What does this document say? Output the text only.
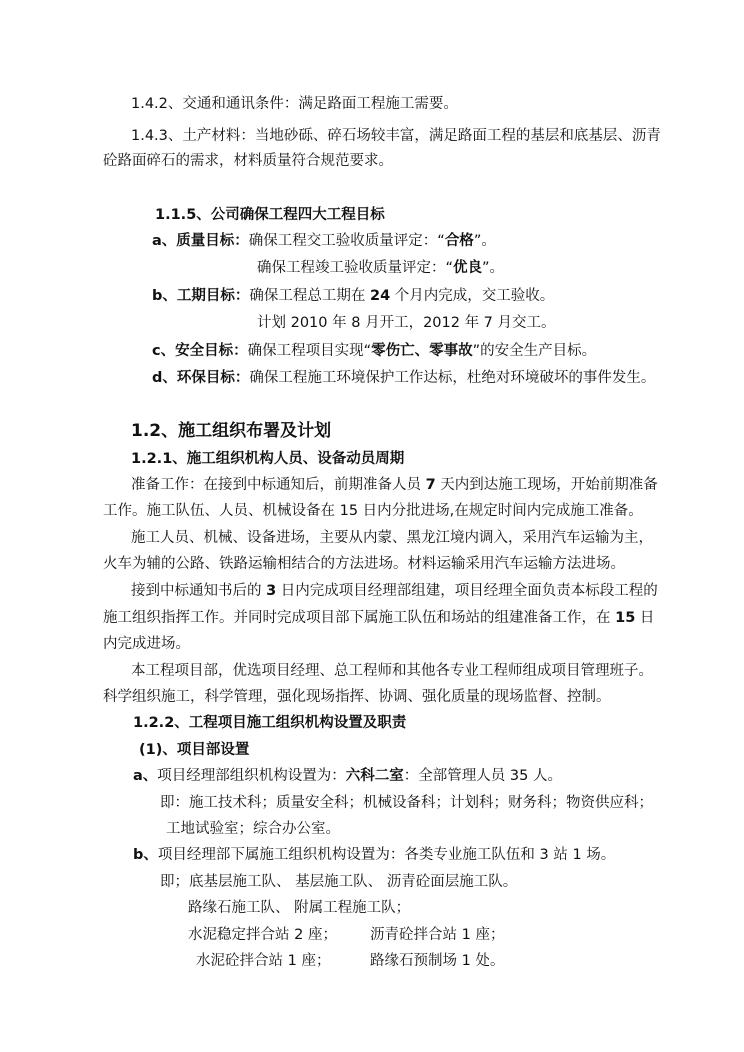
1.4.2、交通和通讯条件：满足路面工程施工需要。
1.4.3、土产材料：当地砂砾、碎石场较丰富，满足路面工程的基层和底基层、沥青
砼路面碎石的需求，材料质量符合规范要求。
1.1.5、公司确保工程四大工程目标
a、质量目标：确保工程交工验收质量评定：“合格”。
确保工程竣工验收质量评定：“优良”。
b、工期目标：确保工程总工期在 24 个月内完成，交工验收。
计划 2010 年 8 月开工，2012 年 7 月交工。
c、安全目标：确保工程项目实现“零伤亡、零事故”的安全生产目标。
d、环保目标：确保工程施工环境保护工作达标，杜绝对环境破坏的事件发生。
1.2、施工组织布署及计划
1.2.1、施工组织机构人员、设备动员周期
准备工作：在接到中标通知后，前期准备人员 7 天内到达施工现场，开始前期准备
工作。施工队伍、人员、机械设备在 15 日内分批进场,在规定时间内完成施工准备。
施工人员、机械、设备进场，主要从内蒙、黑龙江境内调入，采用汽车运输为主，
火车为辅的公路、铁路运输相结合的方法进场。材料运输采用汽车运输方法进场。
接到中标通知书后的 3 日内完成项目经理部组建，项目经理全面负责本标段工程的
施工组织指挥工作。并同时完成项目部下属施工队伍和场站的组建准备工作，在 15 日
内完成进场。
本工程项目部，优选项目经理、总工程师和其他各专业工程师组成项目管理班子。
科学组织施工，科学管理，强化现场指挥、协调、强化质量的现场监督、控制。
1.2.2、工程项目施工组织机构设置及职责
(1)、项目部设置
a、项目经理部组织机构设置为：六科二室：全部管理人员 35 人。
即：施工技术科；质量安全科；机械设备科；计划科；财务科；物资供应科；
工地试验室；综合办公室。
b、项目经理部下属施工组织机构设置为：各类专业施工队伍和 3 站 1 场。
即；底基层施工队、 基层施工队、 沥青砼面层施工队。
路缘石施工队、 附属工程施工队；
水泥稳定拌合站 2 座； 沥青砼拌合站 1 座；
水泥砼拌合站 1 座；	路缘石预制场 1 处。
